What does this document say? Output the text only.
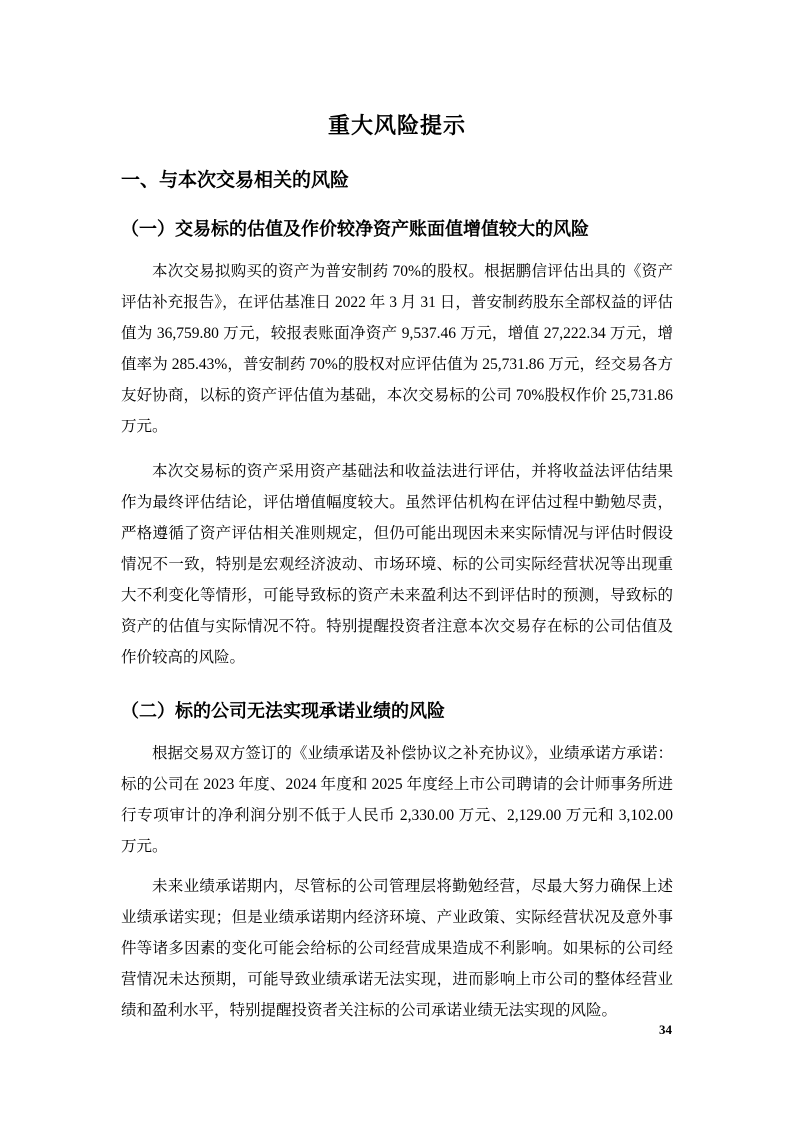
重大风险提示
一、与本次交易相关的风险
（一）交易标的估值及作价较净资产账面值增值较大的风险

本次交易拟购买的资产为普安制药 70%的股权。根据鹏信评估出具的《资产评估补充报告》，在评估基准日 2022 年 3 月 31 日，普安制药股东全部权益的评估值为 36,759.80 万元，较报表账面净资产 9,537.46 万元，增值 27,222.34 万元，增值率为 285.43%，普安制药 70%的股权对应评估值为 25,731.86 万元，经交易各方友好协商，以标的资产评估值为基础，本次交易标的公司 70%股权作价 25,731.86 万元。

本次交易标的资产采用资产基础法和收益法进行评估，并将收益法评估结果作为最终评估结论，评估增值幅度较大。虽然评估机构在评估过程中勤勉尽责，严格遵循了资产评估相关准则规定，但仍可能出现因未来实际情况与评估时假设情况不一致，特别是宏观经济波动、市场环境、标的公司实际经营状况等出现重大不利变化等情形，可能导致标的资产未来盈利达不到评估时的预测，导致标的资产的估值与实际情况不符。特别提醒投资者注意本次交易存在标的公司估值及作价较高的风险。

（二）标的公司无法实现承诺业绩的风险

根据交易双方签订的《业绩承诺及补偿协议之补充协议》，业绩承诺方承诺：标的公司在 2023 年度、2024 年度和 2025 年度经上市公司聘请的会计师事务所进行专项审计的净利润分别不低于人民币 2,330.00 万元、2,129.00 万元和 3,102.00 万元。

未来业绩承诺期内，尽管标的公司管理层将勤勉经营，尽最大努力确保上述业绩承诺实现；但是业绩承诺期内经济环境、产业政策、实际经营状况及意外事件等诸多因素的变化可能会给标的公司经营成果造成不利影响。如果标的公司经营情况未达预期，可能导致业绩承诺无法实现，进而影响上市公司的整体经营业绩和盈利水平，特别提醒投资者关注标的公司承诺业绩无法实现的风险。

34
